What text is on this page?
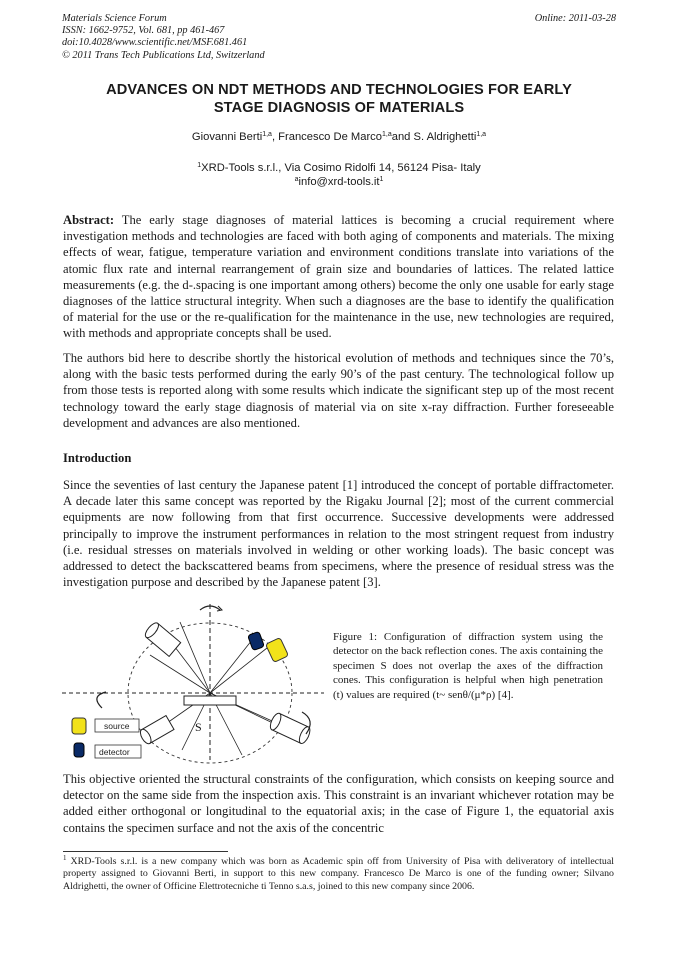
Materials Science Forum
ISSN: 1662-9752, Vol. 681, pp 461-467
doi:10.4028/www.scientific.net/MSF.681.461
© 2011 Trans Tech Publications Ltd, Switzerland
Online: 2011-03-28
ADVANCES ON NDT METHODS AND TECHNOLOGIES FOR EARLY
STAGE DIAGNOSIS OF MATERIALS
Giovanni Berti$^{1,a}$, Francesco De Marco$^{1,a}$and S. Aldrighetti$^{1,a}$
$^1$XRD-Tools s.r.l., Via Cosimo Ridolfi 14, 56124 Pisa- Italy
$^ainfo@xrd-tools.it^1$

Abstract: The early stage diagnoses of material lattices is becoming a crucial requirement where investigation methods and technologies are faced with both aging of components and materials. The mixing effects of wear, fatigue, temperature variation and environment conditions translate into variations of the atomic flux rate and internal rearrangement of grain size and boundaries of lattices. The related lattice measurements (e.g. the d-.spacing is one important among others) become the only one usable for early stage diagnoses of the lattice structural integrity. When such a diagnoses are the base to identify the qualification of material for the use or the re-qualification for the maintenance in the use, new technologies are required, with methods and appropriate concepts shall be used.

The authors bid here to describe shortly the historical evolution of methods and techniques since the 70’s, along with the basic tests performed during the early 90’s of the past century. The technological follow up from those tests is reported along with some results which indicate the significant step up of the most recent technology toward the early stage diagnosis of material via on site x-ray diffraction. Further foreseeable development and advances are also mentioned.

Introduction

Since the seventies of last century the Japanese patent [1] introduced the concept of portable diffractometer. A decade later this same concept was reported by the Rigaku Journal [2]; most of the current commercial equipments are now following from that first occurrence. Successive developments were addressed principally to improve the instrument performances in relation to the most stringent request from industry (i.e. residual stresses on materials involved in welding or other working loads). The basic concept was addressed to detect the backscattered beams from specimens, where the presence of residual stress was the investigation purpose and described by the Japanese patent [3].

S
source
detector
Figure 1: Configuration of diffraction system using the detector on the back reflection cones. The axis containing the specimen S does not overlap the axes of the diffraction cones. This configuration is helpful when high penetration (t) values are required (t~ senθ/(μ*ρ) [4].

This objective oriented the structural constraints of the configuration, which consists on keeping source and detector on the same side from the inspection axis. This constraint is an invariant whichever rotation may be added either orthogonal or longitudinal to the equatorial axis; in the case of Figure 1, the equatorial axis contains the specimen surface and not the axis of the concentric

$^1$ XRD-Tools s.r.l. is a new company which was born as Academic spin off from University of Pisa with deliveratory of intellectual property assigned to Giovanni Berti, in support to this new company. Francesco De Marco is one of the funding owner; Silvano Aldrighetti, the owner of Officine Elettrotecniche ti Tenno s.a.s, joined to this new company since 2006.
